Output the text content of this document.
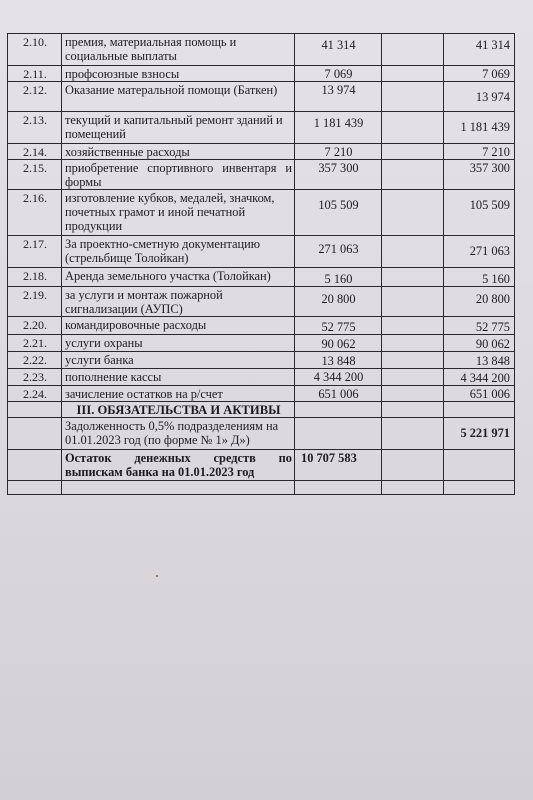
2.10.	премия, материальная помощь и социальные выплаты	41 314		41 314
2.11.	профсоюзные взносы	7 069		7 069
2.12.	Оказание матеральной помощи (Баткен)	13 974		13 974
2.13.	текущий и капитальный ремонт зданий и помещений	1 181 439		1 181 439
2.14.	хозяйственные расходы	7 210		7 210
2.15.	приобретение спортивного инвентаря и формы	357 300		357 300
2.16.	изготовление кубков, медалей, значком, почетных грамот и иной печатной продукции	105 509		105 509
2.17.	За проектно-сметную документацию (стрельбище Толойкан)	271 063		271 063
2.18.	Аренда земельного участка (Толойкан)	5 160		5 160
2.19.	за услуги и монтаж пожарной сигнализации (АУПС)	20 800		20 800
2.20.	командировочные расходы	52 775		52 775
2.21.	услуги охраны	90 062		90 062
2.22.	услуги банка	13 848		13 848
2.23.	пополнение кассы	4 344 200		4 344 200
2.24.	зачисление остатков на р/счет	651 006		651 006
	III. ОБЯЗАТЕЛЬСТВА И АКТИВЫ			
	Задолженность 0,5% подразделениям на 01.01.2023 год (по форме № 1» Д»)			5 221 971
	Остаток денежных средств по выпискам банка на 01.01.2023 год	10 707 583		
